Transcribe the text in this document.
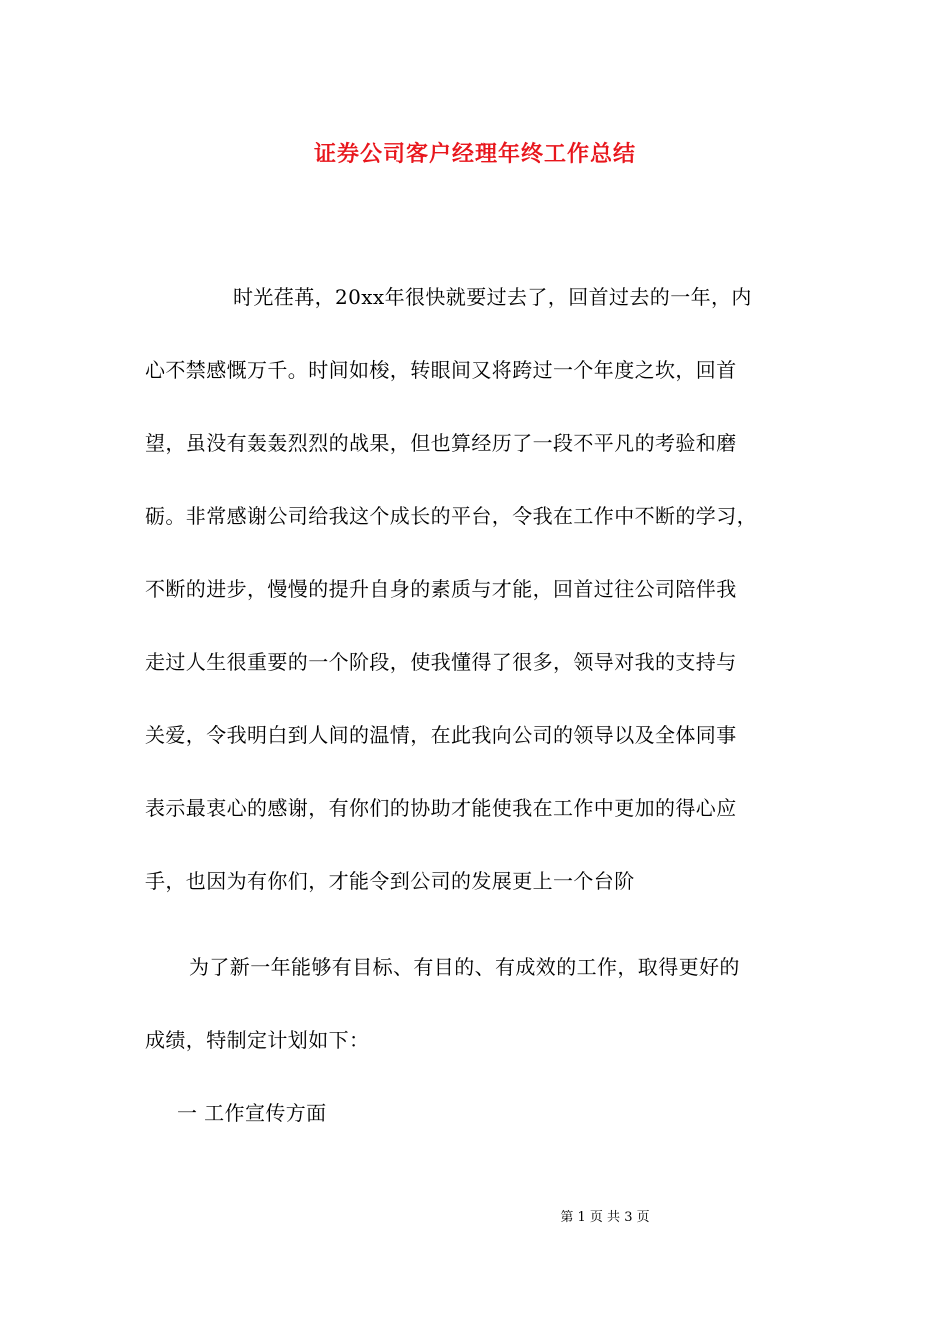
证券公司客户经理年终工作总结
时光荏苒，20xx年很快就要过去了，回首过去的一年，内
心不禁感慨万千。时间如梭，转眼间又将跨过一个年度之坎，回首
望，虽没有轰轰烈烈的战果，但也算经历了一段不平凡的考验和磨
砺。非常感谢公司给我这个成长的平台，令我在工作中不断的学习，
不断的进步，慢慢的提升自身的素质与才能，回首过往公司陪伴我
走过人生很重要的一个阶段，使我懂得了很多，领导对我的支持与
关爱，令我明白到人间的温情，在此我向公司的领导以及全体同事
表示最衷心的感谢，有你们的协助才能使我在工作中更加的得心应
手，也因为有你们，才能令到公司的发展更上一个台阶
为了新一年能够有目标、有目的、有成效的工作，取得更好的
成绩，特制定计划如下：
一 工作宣传方面
第 1 页 共 3 页
